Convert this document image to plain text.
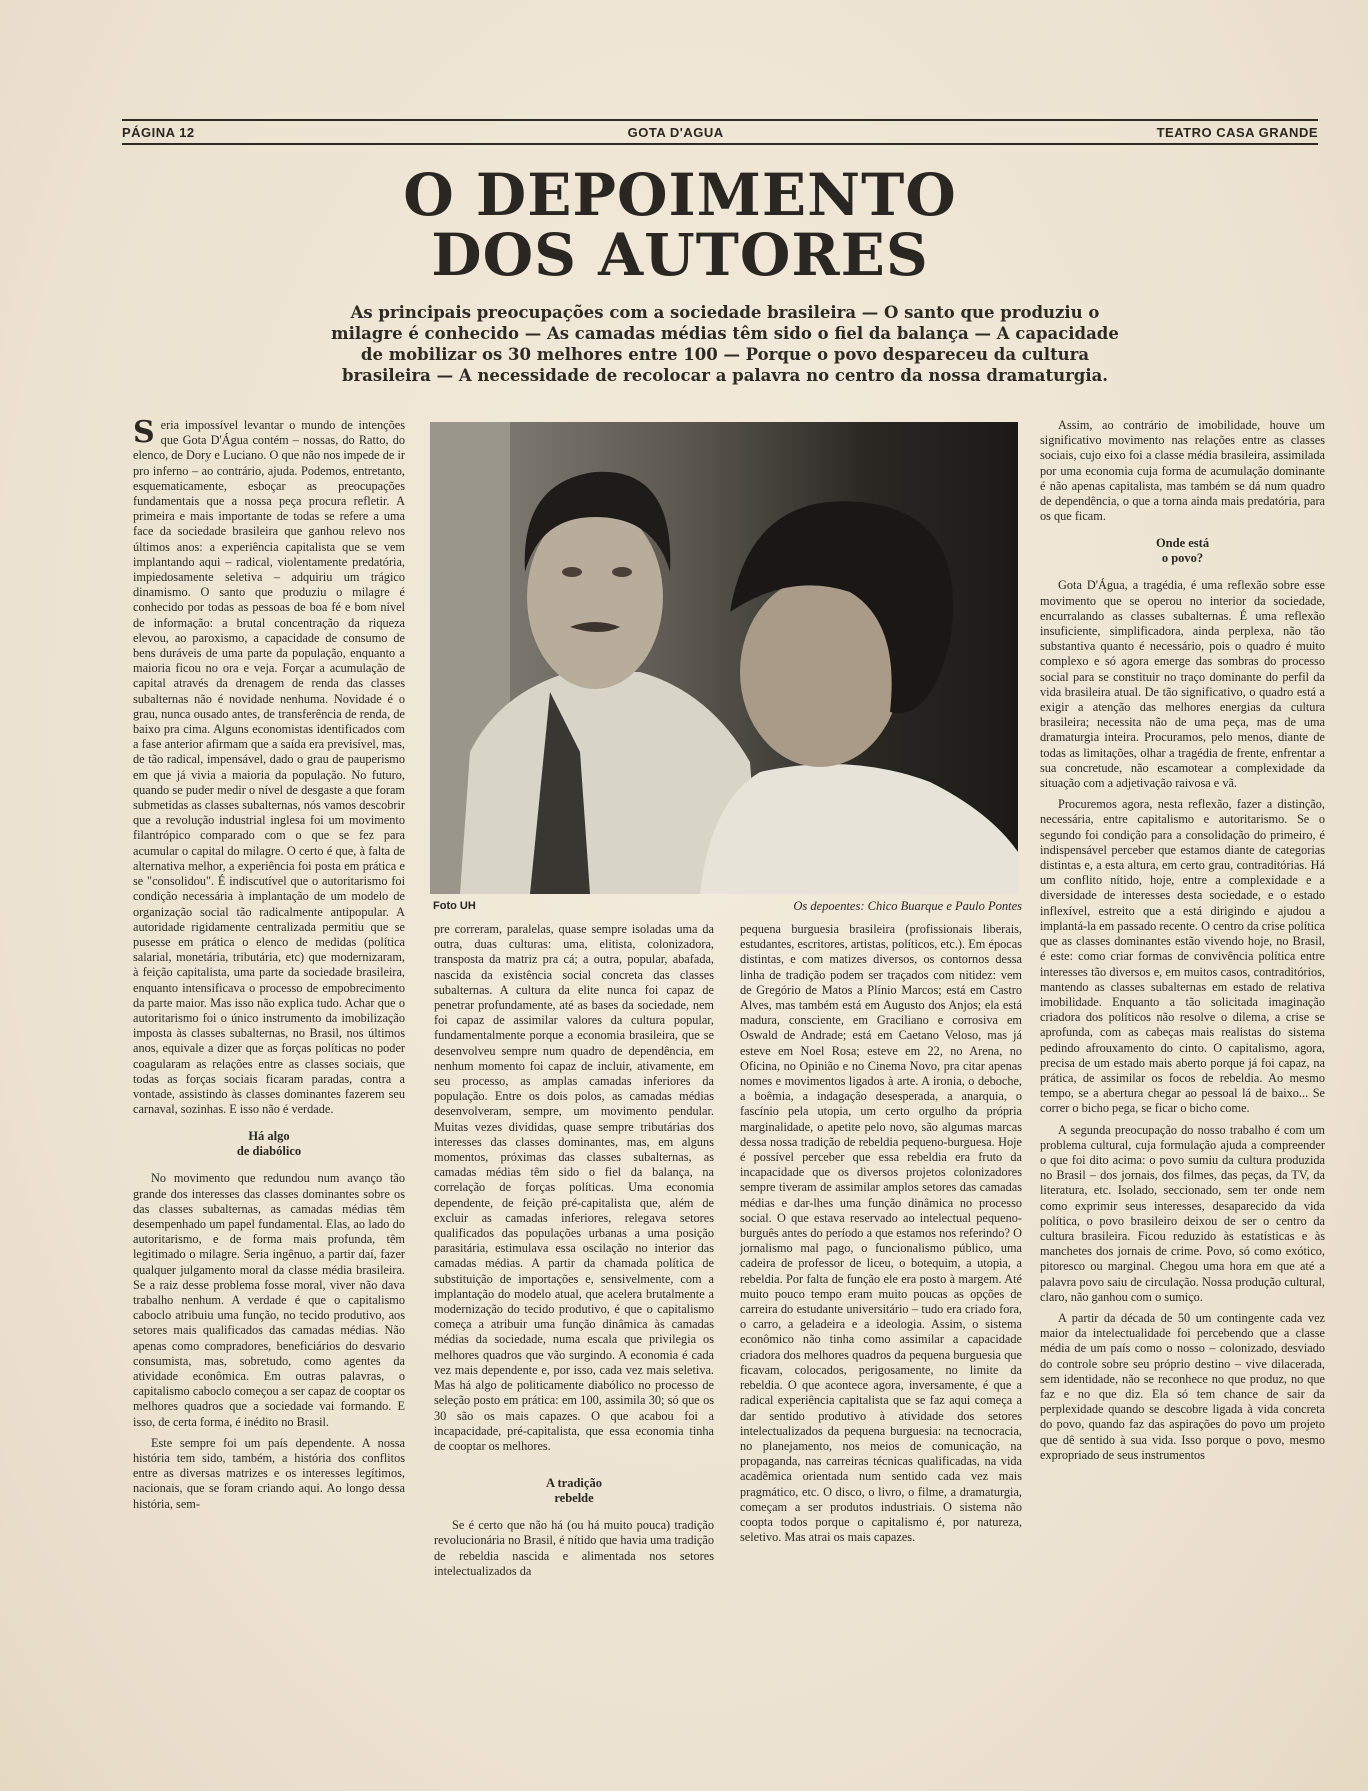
PÁGINA 12	GOTA D'AGUA	TEATRO CASA GRANDE
O DEPOIMENTO
DOS AUTORES
As principais preocupações com a sociedade brasileira — O santo que produziu o milagre é conhecido — As camadas médias têm sido o fiel da balança — A capacidade de mobilizar os 30 melhores entre 100 — Porque o povo despareceu da cultura brasileira — A necessidade de recolocar a palavra no centro da nossa dramaturgia.

Seria impossível levantar o mundo de intenções que Gota D'Água contém – nossas, do Ratto, do elenco, de Dory e Luciano. O que não nos impede de ir pro inferno – ao contrário, ajuda. Podemos, entretanto, esquematicamente, esboçar as preocupações fundamentais que a nossa peça procura refletir. A primeira e mais importante de todas se refere a uma face da sociedade brasileira que ganhou relevo nos últimos anos: a experiência capitalista que se vem implantando aqui – radical, violentamente predatória, impiedosamente seletiva – adquiriu um trágico dinamismo. O santo que produziu o milagre é conhecido por todas as pessoas de boa fé e bom nível de informação: a brutal concentração da riqueza elevou, ao paroxismo, a capacidade de consumo de bens duráveis de uma parte da população, enquanto a maioria ficou no ora e veja. Forçar a acumulação de capital através da drenagem de renda das classes subalternas não é novidade nenhuma. Novidade é o grau, nunca ousado antes, de transferência de renda, de baixo pra cima. Alguns economistas identificados com a fase anterior afirmam que a saída era previsível, mas, de tão radical, impensável, dado o grau de pauperismo em que já vivia a maioria da população. No futuro, quando se puder medir o nível de desgaste a que foram submetidas as classes subalternas, nós vamos descobrir que a revolução industrial inglesa foi um movimento filantrópico comparado com o que se fez para acumular o capital do milagre. O certo é que, à falta de alternativa melhor, a experiência foi posta em prática e se "consolidou". É indiscutível que o autoritarismo foi condição necessária à implantação de um modelo de organização social tão radicalmente antipopular. A autoridade rigidamente centralizada permitiu que se pusesse em prática o elenco de medidas (política salarial, monetária, tributária, etc) que modernizaram, à feição capitalista, uma parte da sociedade brasileira, enquanto intensificava o processo de empobrecimento da parte maior. Mas isso não explica tudo. Achar que o autoritarismo foi o único instrumento da imobilização imposta às classes subalternas, no Brasil, nos últimos anos, equivale a dizer que as forças políticas no poder coagularam as relações entre as classes sociais, que todas as forças sociais ficaram paradas, contra a vontade, assistindo às classes dominantes fazerem seu carnaval, sozinhas. E isso não é verdade.

Há algo
de diabólico

No movimento que redundou num avanço tão grande dos interesses das classes dominantes sobre os das classes subalternas, as camadas médias têm desempenhado um papel fundamental. Elas, ao lado do autoritarismo, e de forma mais profunda, têm legitimado o milagre. Seria ingênuo, a partir daí, fazer qualquer julgamento moral da classe média brasileira. Se a raiz desse problema fosse moral, viver não dava trabalho nenhum. A verdade é que o capitalismo caboclo atribuiu uma função, no tecido produtivo, aos setores mais qualificados das camadas médias. Não apenas como compradores, beneficiários do desvario consumista, mas, sobretudo, como agentes da atividade econômica. Em outras palavras, o capitalismo caboclo começou a ser capaz de cooptar os melhores quadros que a sociedade vai formando. E isso, de certa forma, é inédito no Brasil.

Este sempre foi um país dependente. A nossa história tem sido, também, a história dos conflitos entre as diversas matrizes e os interesses legítimos, nacionais, que se foram criando aqui. Ao longo dessa história, sem-

Foto UH	Os depoentes: Chico Buarque e Paulo Pontes

pre correram, paralelas, quase sempre isoladas uma da outra, duas culturas: uma, elitista, colonizadora, transposta da matriz pra cá; a outra, popular, abafada, nascida da existência social concreta das classes subalternas. A cultura da elite nunca foi capaz de penetrar profundamente, até as bases da sociedade, nem foi capaz de assimilar valores da cultura popular, fundamentalmente porque a economia brasileira, que se desenvolveu sempre num quadro de dependência, em nenhum momento foi capaz de incluir, ativamente, em seu processo, as amplas camadas inferiores da população. Entre os dois polos, as camadas médias desenvolveram, sempre, um movimento pendular. Muitas vezes divididas, quase sempre tributárias dos interesses das classes dominantes, mas, em alguns momentos, próximas das classes subalternas, as camadas médias têm sido o fiel da balança, na correlação de forças políticas. Uma economia dependente, de feição pré-capitalista que, além de excluir as camadas inferiores, relegava setores qualificados das populações urbanas a uma posição parasitária, estimulava essa oscilação no interior das camadas médias. A partir da chamada política de substituição de importações e, sensivelmente, com a implantação do modelo atual, que acelera brutalmente a modernização do tecido produtivo, é que o capitalismo começa a atribuir uma função dinâmica às camadas médias da sociedade, numa escala que privilegia os melhores quadros que vão surgindo. A economia é cada vez mais dependente e, por isso, cada vez mais seletiva. Mas há algo de politicamente diabólico no processo de seleção posto em prática: em 100, assimila 30; só que os 30 são os mais capazes. O que acabou foi a incapacidade, pré-capitalista, que essa economia tinha de cooptar os melhores.

A tradição
rebelde

Se é certo que não há (ou há muito pouca) tradição revolucionária no Brasil, é nítido que havia uma tradição de rebeldia nascida e alimentada nos setores intelectualizados da

pequena burguesia brasileira (profissionais liberais, estudantes, escritores, artistas, políticos, etc.). Em épocas distintas, e com matizes diversos, os contornos dessa linha de tradição podem ser traçados com nitidez: vem de Gregório de Matos a Plínio Marcos; está em Castro Alves, mas também está em Augusto dos Anjos; ela está madura, consciente, em Graciliano e corrosiva em Oswald de Andrade; está em Caetano Veloso, mas já esteve em Noel Rosa; esteve em 22, no Arena, no Oficina, no Opinião e no Cinema Novo, pra citar apenas nomes e movimentos ligados à arte. A ironia, o deboche, a boêmia, a indagação desesperada, a anarquia, o fascínio pela utopia, um certo orgulho da própria marginalidade, o apetite pelo novo, são algumas marcas dessa nossa tradição de rebeldia pequeno-burguesa. Hoje é possível perceber que essa rebeldia era fruto da incapacidade que os diversos projetos colonizadores sempre tiveram de assimilar amplos setores das camadas médias e dar-lhes uma função dinâmica no processo social. O que estava reservado ao intelectual pequeno-burguês antes do período a que estamos nos referindo? O jornalismo mal pago, o funcionalismo público, uma cadeira de professor de liceu, o botequim, a utopia, a rebeldia. Por falta de função ele era posto à margem. Até muito pouco tempo eram muito poucas as opções de carreira do estudante universitário – tudo era criado fora, o carro, a geladeira e a ideologia. Assim, o sistema econômico não tinha como assimilar a capacidade criadora dos melhores quadros da pequena burguesia que ficavam, colocados, perigosamente, no limite da rebeldia. O que acontece agora, inversamente, é que a radical experiência capitalista que se faz aqui começa a dar sentido produtivo à atividade dos setores intelectualizados da pequena burguesia: na tecnocracia, no planejamento, nos meios de comunicação, na propaganda, nas carreiras técnicas qualificadas, na vida acadêmica orientada num sentido cada vez mais pragmático, etc. O disco, o livro, o filme, a dramaturgia, começam a ser produtos industriais. O sistema não coopta todos porque o capitalismo é, por natureza, seletivo. Mas atrai os mais capazes.

Assim, ao contrário de imobilidade, houve um significativo movimento nas relações entre as classes sociais, cujo eixo foi a classe média brasileira, assimilada por uma economia cuja forma de acumulação dominante é não apenas capitalista, mas também se dá num quadro de dependência, o que a torna ainda mais predatória, para os que ficam.

Onde está
o povo?

Gota D'Água, a tragédia, é uma reflexão sobre esse movimento que se operou no interior da sociedade, encurralando as classes subalternas. É uma reflexão insuficiente, simplificadora, ainda perplexa, não tão substantiva quanto é necessário, pois o quadro é muito complexo e só agora emerge das sombras do processo social para se constituir no traço dominante do perfil da vida brasileira atual. De tão significativo, o quadro está a exigir a atenção das melhores energias da cultura brasileira; necessita não de uma peça, mas de uma dramaturgia inteira. Procuramos, pelo menos, diante de todas as limitações, olhar a tragédia de frente, enfrentar a sua concretude, não escamotear a complexidade da situação com a adjetivação raivosa e vã.

Procuremos agora, nesta reflexão, fazer a distinção, necessária, entre capitalismo e autoritarismo. Se o segundo foi condição para a consolidação do primeiro, é indispensável perceber que estamos diante de categorias distintas e, a esta altura, em certo grau, contraditórias. Há um conflito nítido, hoje, entre a complexidade e a diversidade de interesses desta sociedade, e o estado inflexível, estreito que a está dirigindo e ajudou a implantá-la em passado recente. O centro da crise política que as classes dominantes estão vivendo hoje, no Brasil, é este: como criar formas de convivência política entre interesses tão diversos e, em muitos casos, contraditórios, mantendo as classes subalternas em estado de relativa imobilidade. Enquanto a tão solicitada imaginação criadora dos políticos não resolve o dilema, a crise se aprofunda, com as cabeças mais realistas do sistema pedindo afrouxamento do cinto. O capitalismo, agora, precisa de um estado mais aberto porque já foi capaz, na prática, de assimilar os focos de rebeldia. Ao mesmo tempo, se a abertura chegar ao pessoal lá de baixo... Se correr o bicho pega, se ficar o bicho come.

A segunda preocupação do nosso trabalho é com um problema cultural, cuja formulação ajuda a compreender o que foi dito acima: o povo sumiu da cultura produzida no Brasil – dos jornais, dos filmes, das peças, da TV, da literatura, etc. Isolado, seccionado, sem ter onde nem como exprimir seus interesses, desaparecido da vida política, o povo brasileiro deixou de ser o centro da cultura brasileira. Ficou reduzido às estatísticas e às manchetes dos jornais de crime. Povo, só como exótico, pitoresco ou marginal. Chegou uma hora em que até a palavra povo saiu de circulação. Nossa produção cultural, claro, não ganhou com o sumiço.

A partir da década de 50 um contingente cada vez maior da intelectualidade foi percebendo que a classe média de um país como o nosso – colonizado, desviado do controle sobre seu próprio destino – vive dilacerada, sem identidade, não se reconhece no que produz, no que faz e no que diz. Ela só tem chance de sair da perplexidade quando se descobre ligada à vida concreta do povo, quando faz das aspirações do povo um projeto que dê sentido à sua vida. Isso porque o povo, mesmo expropriado de seus instrumentos
